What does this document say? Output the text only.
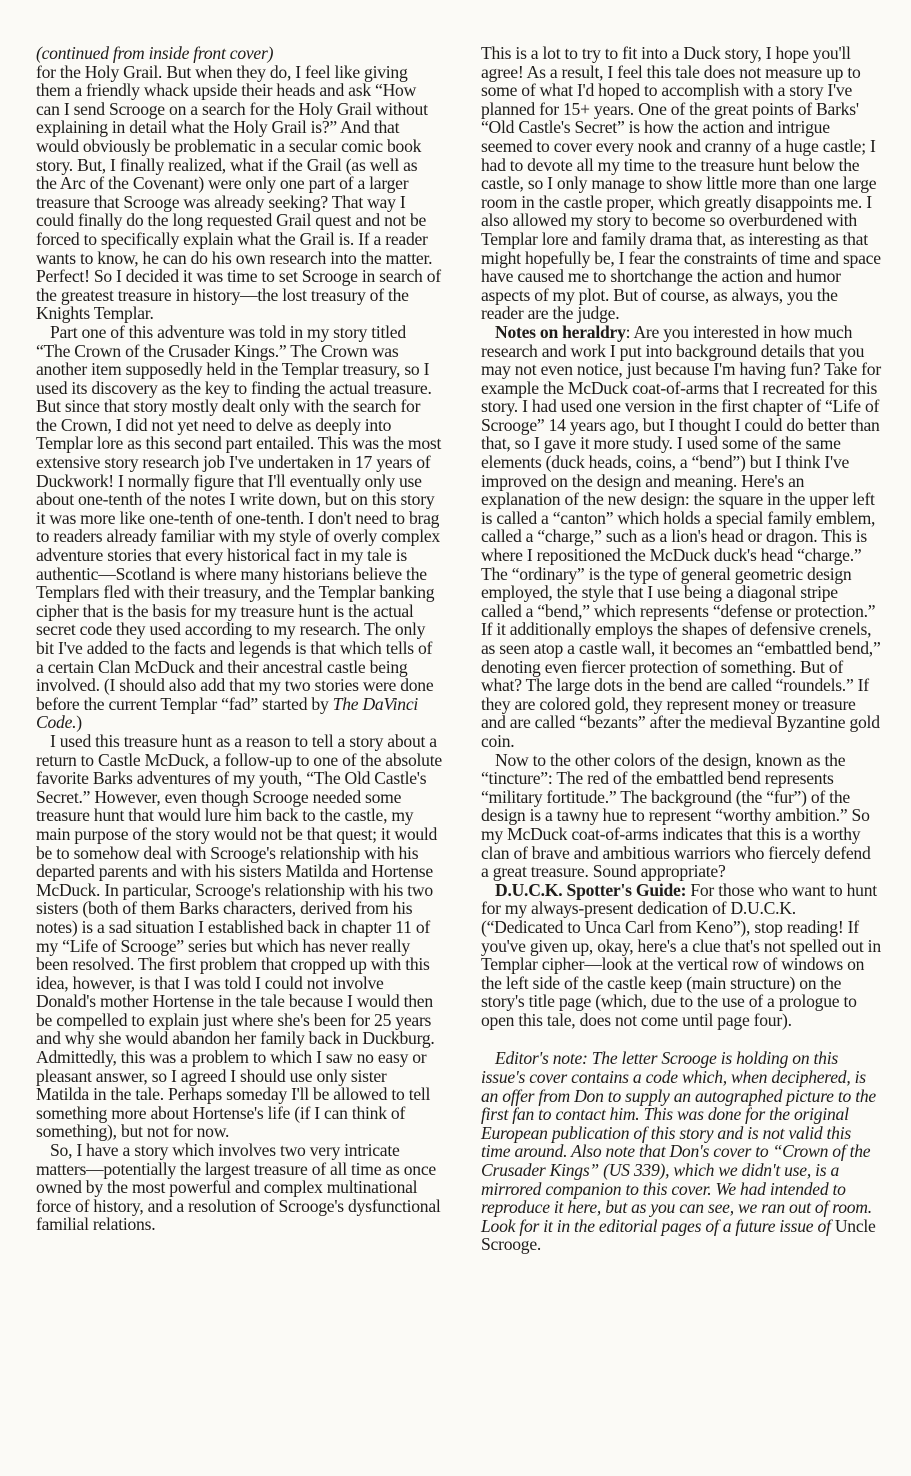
(continued from inside front cover)
for the Holy Grail. But when they do, I feel like giving them a friendly whack upside their heads and ask “How can I send Scrooge on a search for the Holy Grail without explaining in detail what the Holy Grail is?” And that would obviously be problematic in a secular comic book story. But, I finally realized, what if the Grail (as well as the Arc of the Covenant) were only one part of a larger treasure that Scrooge was already seeking? That way I could finally do the long requested Grail quest and not be forced to specifically explain what the Grail is. If a reader wants to know, he can do his own research into the matter. Perfect! So I decided it was time to set Scrooge in search of the greatest treasure in history—the lost treasury of the Knights Templar.

Part one of this adventure was told in my story titled “The Crown of the Crusader Kings.” The Crown was another item supposedly held in the Templar treasury, so I used its discovery as the key to finding the actual treasure. But since that story mostly dealt only with the search for the Crown, I did not yet need to delve as deeply into Templar lore as this second part entailed. This was the most extensive story research job I've undertaken in 17 years of Duckwork! I normally figure that I'll eventually only use about one-tenth of the notes I write down, but on this story it was more like one-tenth of one-tenth. I don't need to brag to readers already familiar with my style of overly complex adventure stories that every historical fact in my tale is authentic—Scotland is where many historians believe the Templars fled with their treasury, and the Templar banking cipher that is the basis for my treasure hunt is the actual secret code they used according to my research. The only bit I've added to the facts and legends is that which tells of a certain Clan McDuck and their ancestral castle being involved. (I should also add that my two stories were done before the current Templar “fad” started by The DaVinci Code.)

I used this treasure hunt as a reason to tell a story about a return to Castle McDuck, a follow-up to one of the absolute favorite Barks adventures of my youth, “The Old Castle's Secret.” However, even though Scrooge needed some treasure hunt that would lure him back to the castle, my main purpose of the story would not be that quest; it would be to somehow deal with Scrooge's relationship with his departed parents and with his sisters Matilda and Hortense McDuck. In particular, Scrooge's relationship with his two sisters (both of them Barks characters, derived from his notes) is a sad situation I established back in chapter 11 of my “Life of Scrooge” series but which has never really been resolved. The first problem that cropped up with this idea, however, is that I was told I could not involve Donald's mother Hortense in the tale because I would then be compelled to explain just where she's been for 25 years and why she would abandon her family back in Duckburg. Admittedly, this was a problem to which I saw no easy or pleasant answer, so I agreed I should use only sister Matilda in the tale. Perhaps someday I'll be allowed to tell something more about Hortense's life (if I can think of something), but not for now.

So, I have a story which involves two very intricate matters—potentially the largest treasure of all time as once owned by the most powerful and complex multinational force of history, and a resolution of Scrooge's dysfunctional familial relations.

This is a lot to try to fit into a Duck story, I hope you'll agree! As a result, I feel this tale does not measure up to some of what I'd hoped to accomplish with a story I've planned for 15+ years. One of the great points of Barks' “Old Castle's Secret” is how the action and intrigue seemed to cover every nook and cranny of a huge castle; I had to devote all my time to the treasure hunt below the castle, so I only manage to show little more than one large room in the castle proper, which greatly disappoints me. I also allowed my story to become so overburdened with Templar lore and family drama that, as interesting as that might hopefully be, I fear the constraints of time and space have caused me to shortchange the action and humor aspects of my plot. But of course, as always, you the reader are the judge.

Notes on heraldry: Are you interested in how much research and work I put into background details that you may not even notice, just because I'm having fun? Take for example the McDuck coat-of-arms that I recreated for this story. I had used one version in the first chapter of “Life of Scrooge” 14 years ago, but I thought I could do better than that, so I gave it more study. I used some of the same elements (duck heads, coins, a “bend”) but I think I've improved on the design and meaning. Here's an explanation of the new design: the square in the upper left is called a “canton” which holds a special family emblem, called a “charge,” such as a lion's head or dragon. This is where I repositioned the McDuck duck's head “charge.” The “ordinary” is the type of general geometric design employed, the style that I use being a diagonal stripe called a “bend,” which represents “defense or protection.” If it additionally employs the shapes of defensive crenels, as seen atop a castle wall, it becomes an “embattled bend,” denoting even fiercer protection of something. But of what? The large dots in the bend are called “roundels.” If they are colored gold, they represent money or treasure and are called “bezants” after the medieval Byzantine gold coin.

Now to the other colors of the design, known as the “tincture”: The red of the embattled bend represents “military fortitude.” The background (the “fur”) of the design is a tawny hue to represent “worthy ambition.” So my McDuck coat-of-arms indicates that this is a worthy clan of brave and ambitious warriors who fiercely defend a great treasure. Sound appropriate?

D.U.C.K. Spotter's Guide: For those who want to hunt for my always-present dedication of D.U.C.K. (“Dedicated to Unca Carl from Keno”), stop reading! If you've given up, okay, here's a clue that's not spelled out in Templar cipher—look at the vertical row of windows on the left side of the castle keep (main structure) on the story's title page (which, due to the use of a prologue to open this tale, does not come until page four).

Editor's note: The letter Scrooge is holding on this issue's cover contains a code which, when deciphered, is an offer from Don to supply an autographed picture to the first fan to contact him. This was done for the original European publication of this story and is not valid this time around. Also note that Don's cover to “Crown of the Crusader Kings” (US 339), which we didn't use, is a mirrored companion to this cover. We had intended to reproduce it here, but as you can see, we ran out of room. Look for it in the editorial pages of a future issue of Uncle Scrooge.
